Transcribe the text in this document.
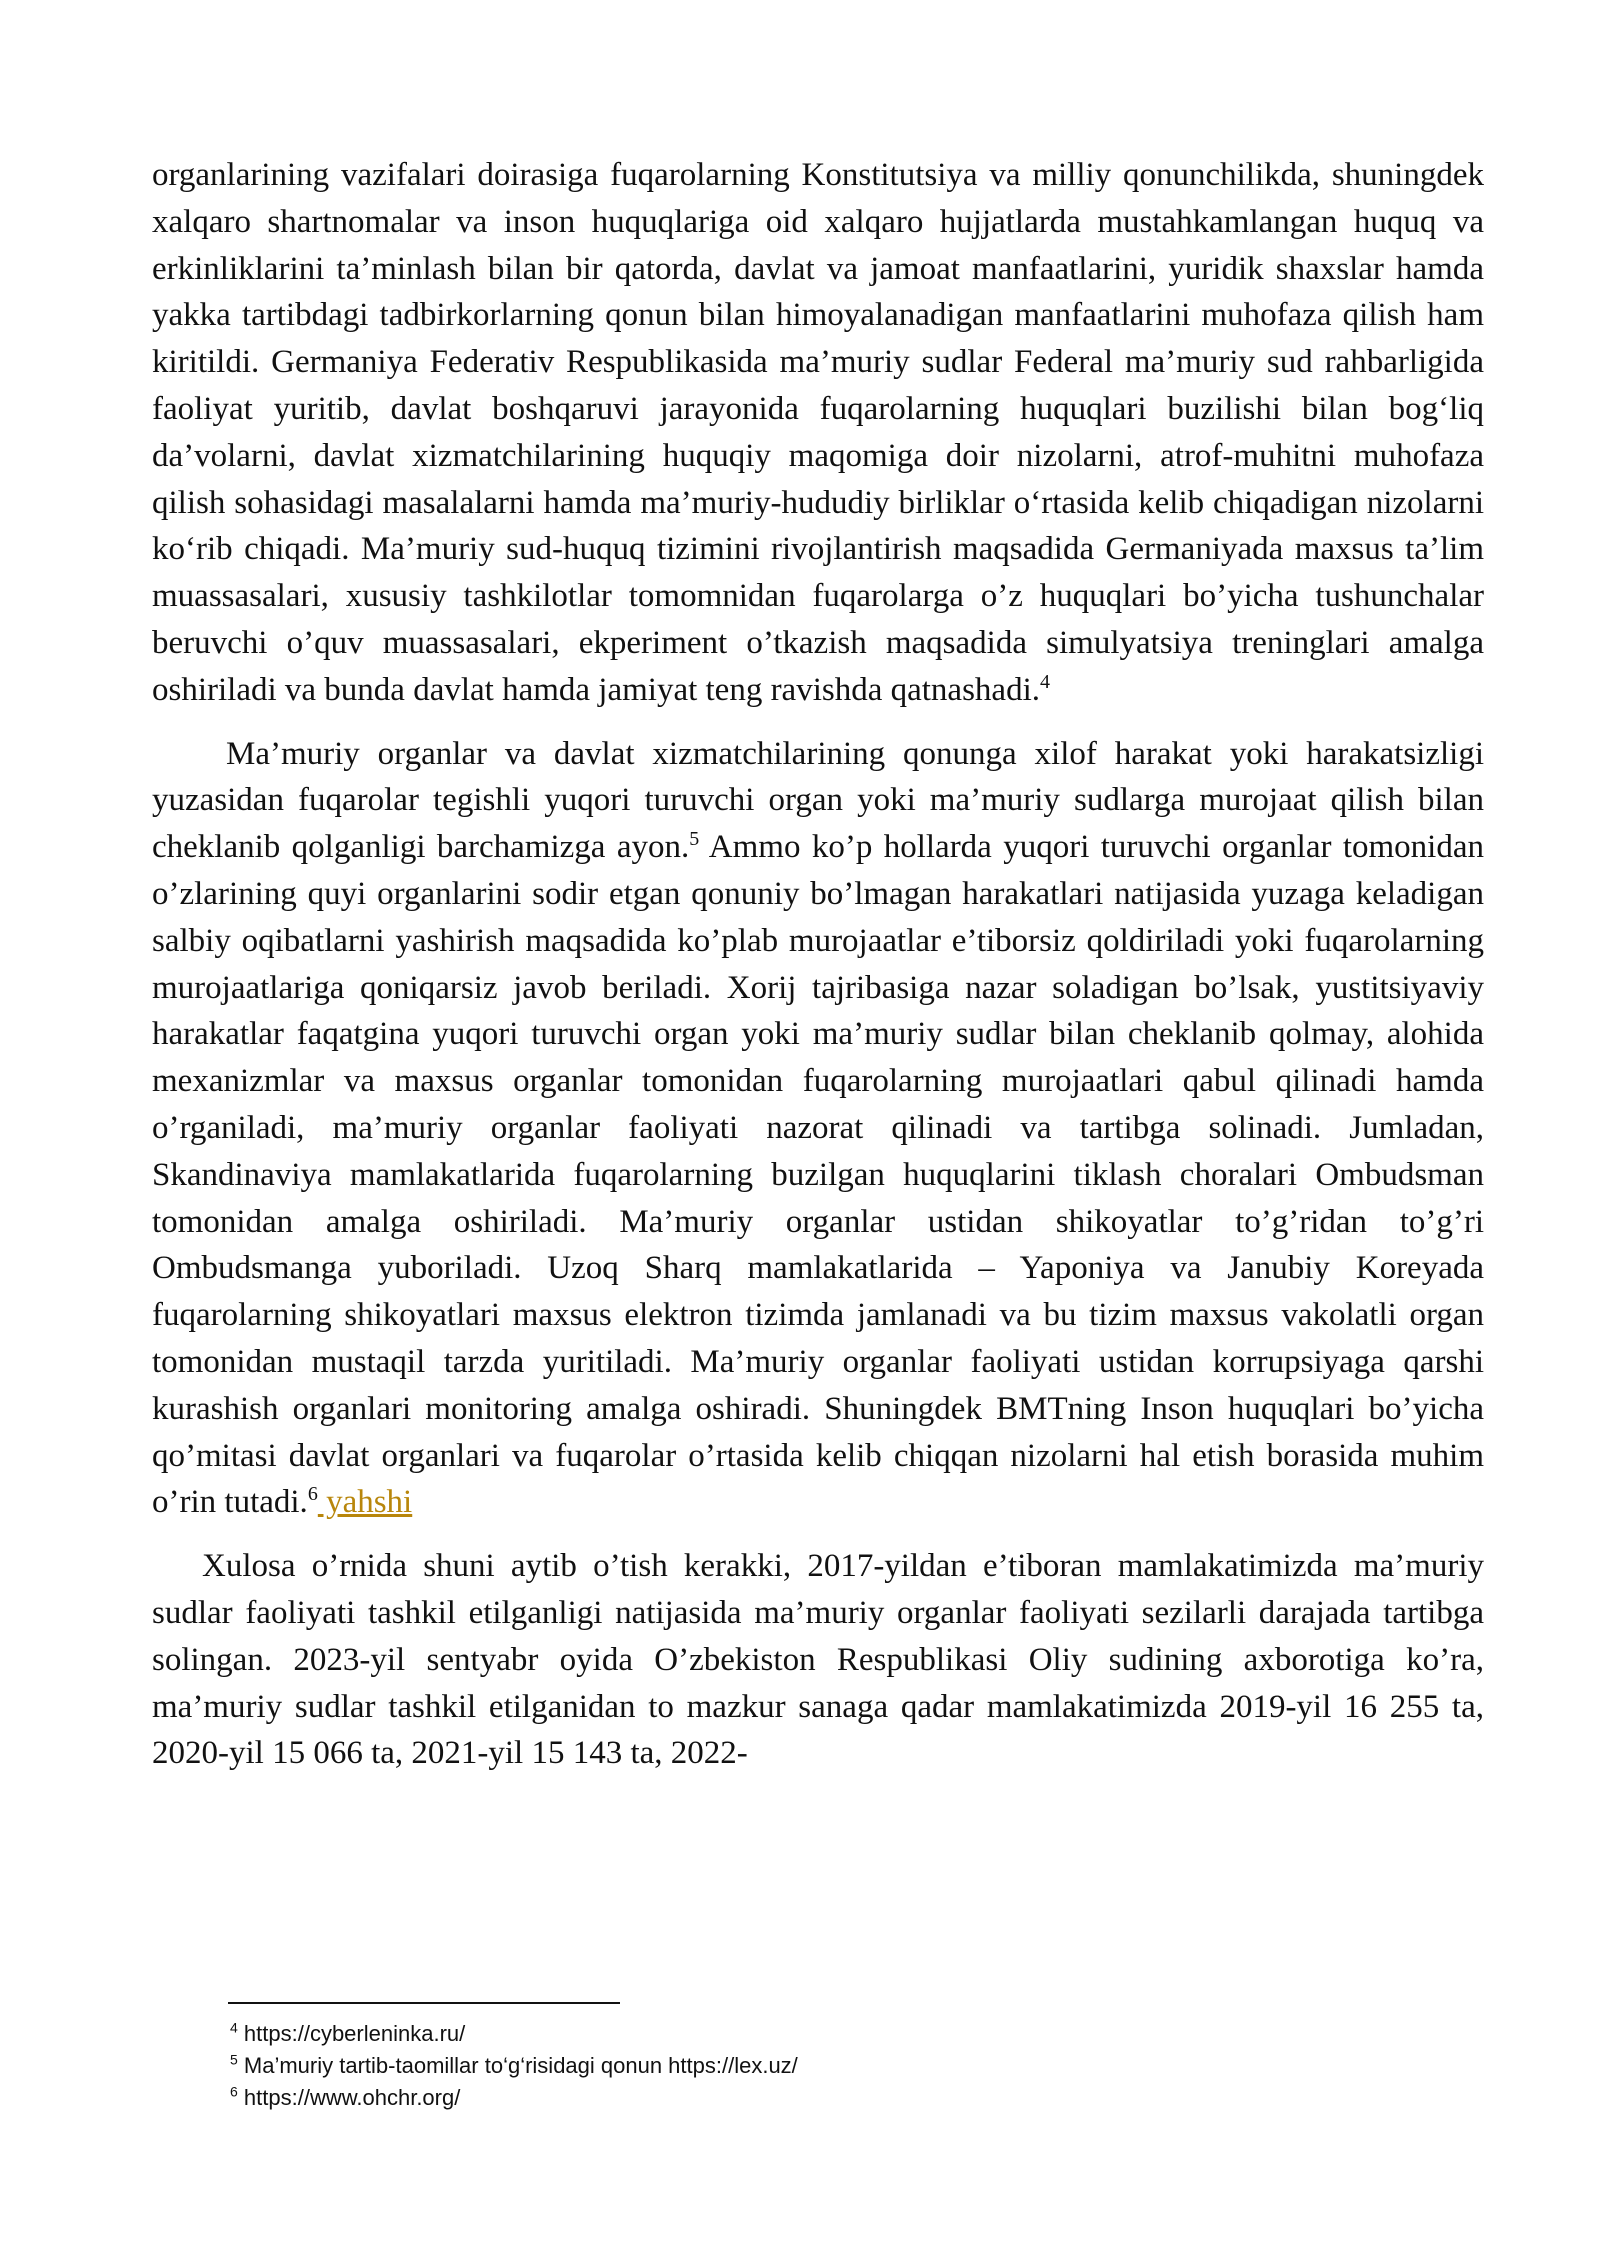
organlarining vazifalari doirasiga fuqarolarning Konstitutsiya va milliy qonunchilikda, shuningdek xalqaro shartnomalar va inson huquqlariga oid xalqaro hujjatlarda mustahkamlangan huquq va erkinliklarini ta’minlash bilan bir qatorda, davlat va jamoat manfaatlarini, yuridik shaxslar hamda yakka tartibdagi tadbirkorlarning qonun bilan himoyalanadigan manfaatlarini muhofaza qilish ham kiritildi. Germaniya Federativ Respublikasida ma’muriy sudlar Federal ma’muriy sud rahbarligida faoliyat yuritib, davlat boshqaruvi jarayonida fuqarolarning huquqlari buzilishi bilan bog‘liq da’volarni, davlat xizmatchilarining huquqiy maqomiga doir nizolarni, atrof-muhitni muhofaza qilish sohasidagi masalalarni hamda ma’muriy-hududiy birliklar o‘rtasida kelib chiqadigan nizolarni ko‘rib chiqadi. Ma’muriy sud-huquq tizimini rivojlantirish maqsadida Germaniyada maxsus ta’lim muassasalari, xususiy tashkilotlar tomomnidan fuqarolarga o’z huquqlari bo’yicha tushunchalar beruvchi o’quv muassasalari, ekperiment o’tkazish maqsadida simulyatsiya treninglari amalga oshiriladi va bunda davlat hamda jamiyat teng ravishda qatnashadi.$^4$

Ma’muriy organlar va davlat xizmatchilarining qonunga xilof harakat yoki harakatsizligi yuzasidan fuqarolar tegishli yuqori turuvchi organ yoki ma’muriy sudlarga murojaat qilish bilan cheklanib qolganligi barchamizga ayon.$^5$ Ammo ko’p hollarda yuqori turuvchi organlar tomonidan o’zlarining quyi organlarini sodir etgan qonuniy bo’lmagan harakatlari natijasida yuzaga keladigan salbiy oqibatlarni yashirish maqsadida ko’plab murojaatlar e’tiborsiz qoldiriladi yoki fuqarolarning murojaatlariga qoniqarsiz javob beriladi. Xorij tajribasiga nazar soladigan bo’lsak, yustitsiyaviy harakatlar faqatgina yuqori turuvchi organ yoki ma’muriy sudlar bilan cheklanib qolmay, alohida mexanizmlar va maxsus organlar tomonidan fuqarolarning murojaatlari qabul qilinadi hamda o’rganiladi, ma’muriy organlar faoliyati nazorat qilinadi va tartibga solinadi. Jumladan, Skandinaviya mamlakatlarida fuqarolarning buzilgan huquqlarini tiklash choralari Ombudsman tomonidan amalga oshiriladi. Ma’muriy organlar ustidan shikoyatlar to’g’ridan to’g’ri Ombudsmanga yuboriladi. Uzoq Sharq mamlakatlarida – Yaponiya va Janubiy Koreyada fuqarolarning shikoyatlari maxsus elektron tizimda jamlanadi va bu tizim maxsus vakolatli organ tomonidan mustaqil tarzda yuritiladi. Ma’muriy organlar faoliyati ustidan korrupsiyaga qarshi kurashish organlari monitoring amalga oshiradi. Shuningdek BMTning Inson huquqlari bo’yicha qo’mitasi davlat organlari va fuqarolar o’rtasida kelib chiqqan nizolarni hal etish borasida muhim o’rin tutadi.$^6$ yahshi

Xulosa o’rnida shuni aytib o’tish kerakki, 2017-yildan e’tiboran mamlakatimizda ma’muriy sudlar faoliyati tashkil etilganligi natijasida ma’muriy organlar faoliyati sezilarli darajada tartibga solingan. 2023-yil sentyabr oyida O’zbekiston Respublikasi Oliy sudining axborotiga ko’ra, ma’muriy sudlar tashkil etilganidan to mazkur sanaga qadar mamlakatimizda 2019-yil 16 255 ta, 2020-yil 15 066 ta, 2021-yil 15 143 ta, 2022-

$^4$ https://cyberleninka.ru/
$^5$ Ma’muriy tartib-taomillar to‘g‘risidagi qonun https://lex.uz/
$^6$ https://www.ohchr.org/
